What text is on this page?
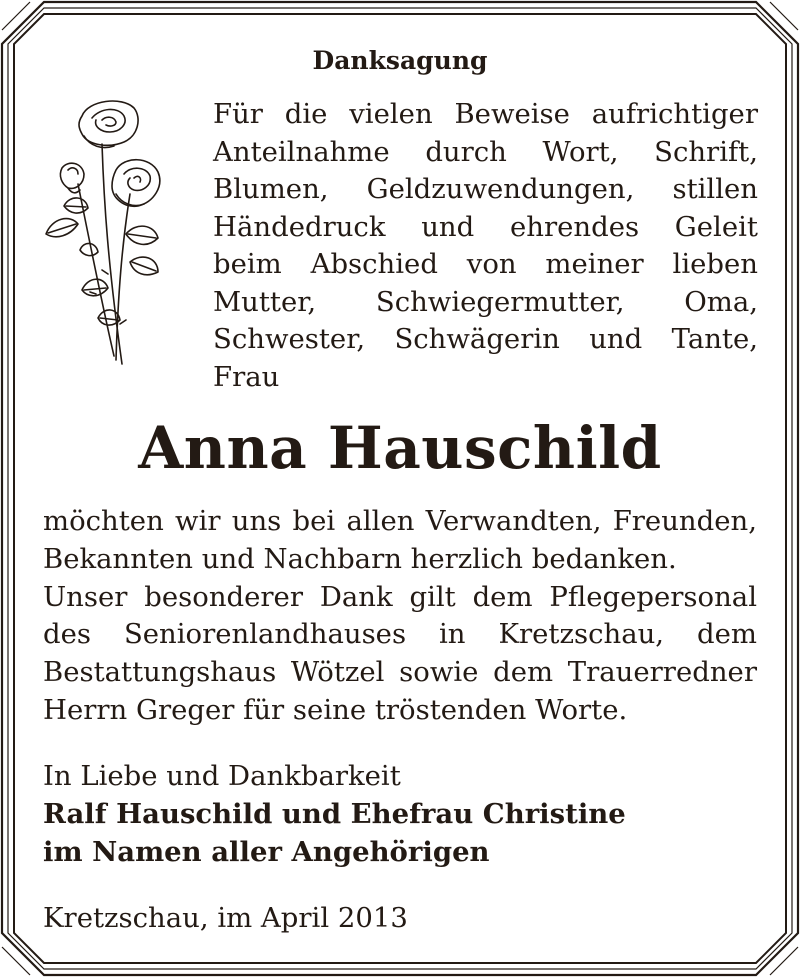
Danksagung
Für die vielen Beweise aufrichtiger
Anteilnahme durch Wort, Schrift,
Blumen, Geldzuwendungen, stillen
Händedruck und ehrendes Geleit
beim Abschied von meiner lieben
Mutter, Schwiegermutter, Oma,
Schwester, Schwägerin und Tante,
Frau
Anna Hauschild
möchten wir uns bei allen Verwandten, Freunden,
Bekannten und Nachbarn herzlich bedanken.
Unser besonderer Dank gilt dem Pflegepersonal
des Seniorenlandhauses in Kretzschau, dem
Bestattungshaus Wötzel sowie dem Trauerredner
Herrn Greger für seine tröstenden Worte.
In Liebe und Dankbarkeit
Ralf Hauschild und Ehefrau Christine
im Namen aller Angehörigen
Kretzschau, im April 2013
